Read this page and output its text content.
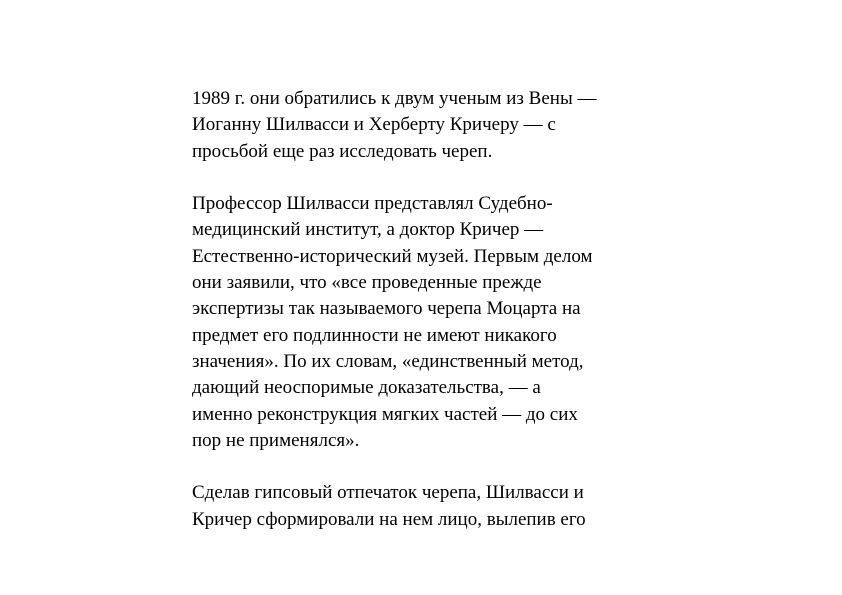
1989 г. они обратились к двум ученым из Вены —
Иоганну Шилвасси и Херберту Кричеру — с
просьбой еще раз исследовать череп.

Профессор Шилвасси представлял Судебно-
медицинский институт, а доктор Кричер —
Естественно-исторический музей. Первым делом
они заявили, что «все проведенные прежде
экспертизы так называемого черепа Моцарта на
предмет его подлинности не имеют никакого
значения». По их словам, «единственный метод,
дающий неоспоримые доказательства, — а
именно реконструкция мягких частей — до сих
пор не применялся».

Сделав гипсовый отпечаток черепа, Шилвасси и
Кричер сформировали на нем лицо, вылепив его
